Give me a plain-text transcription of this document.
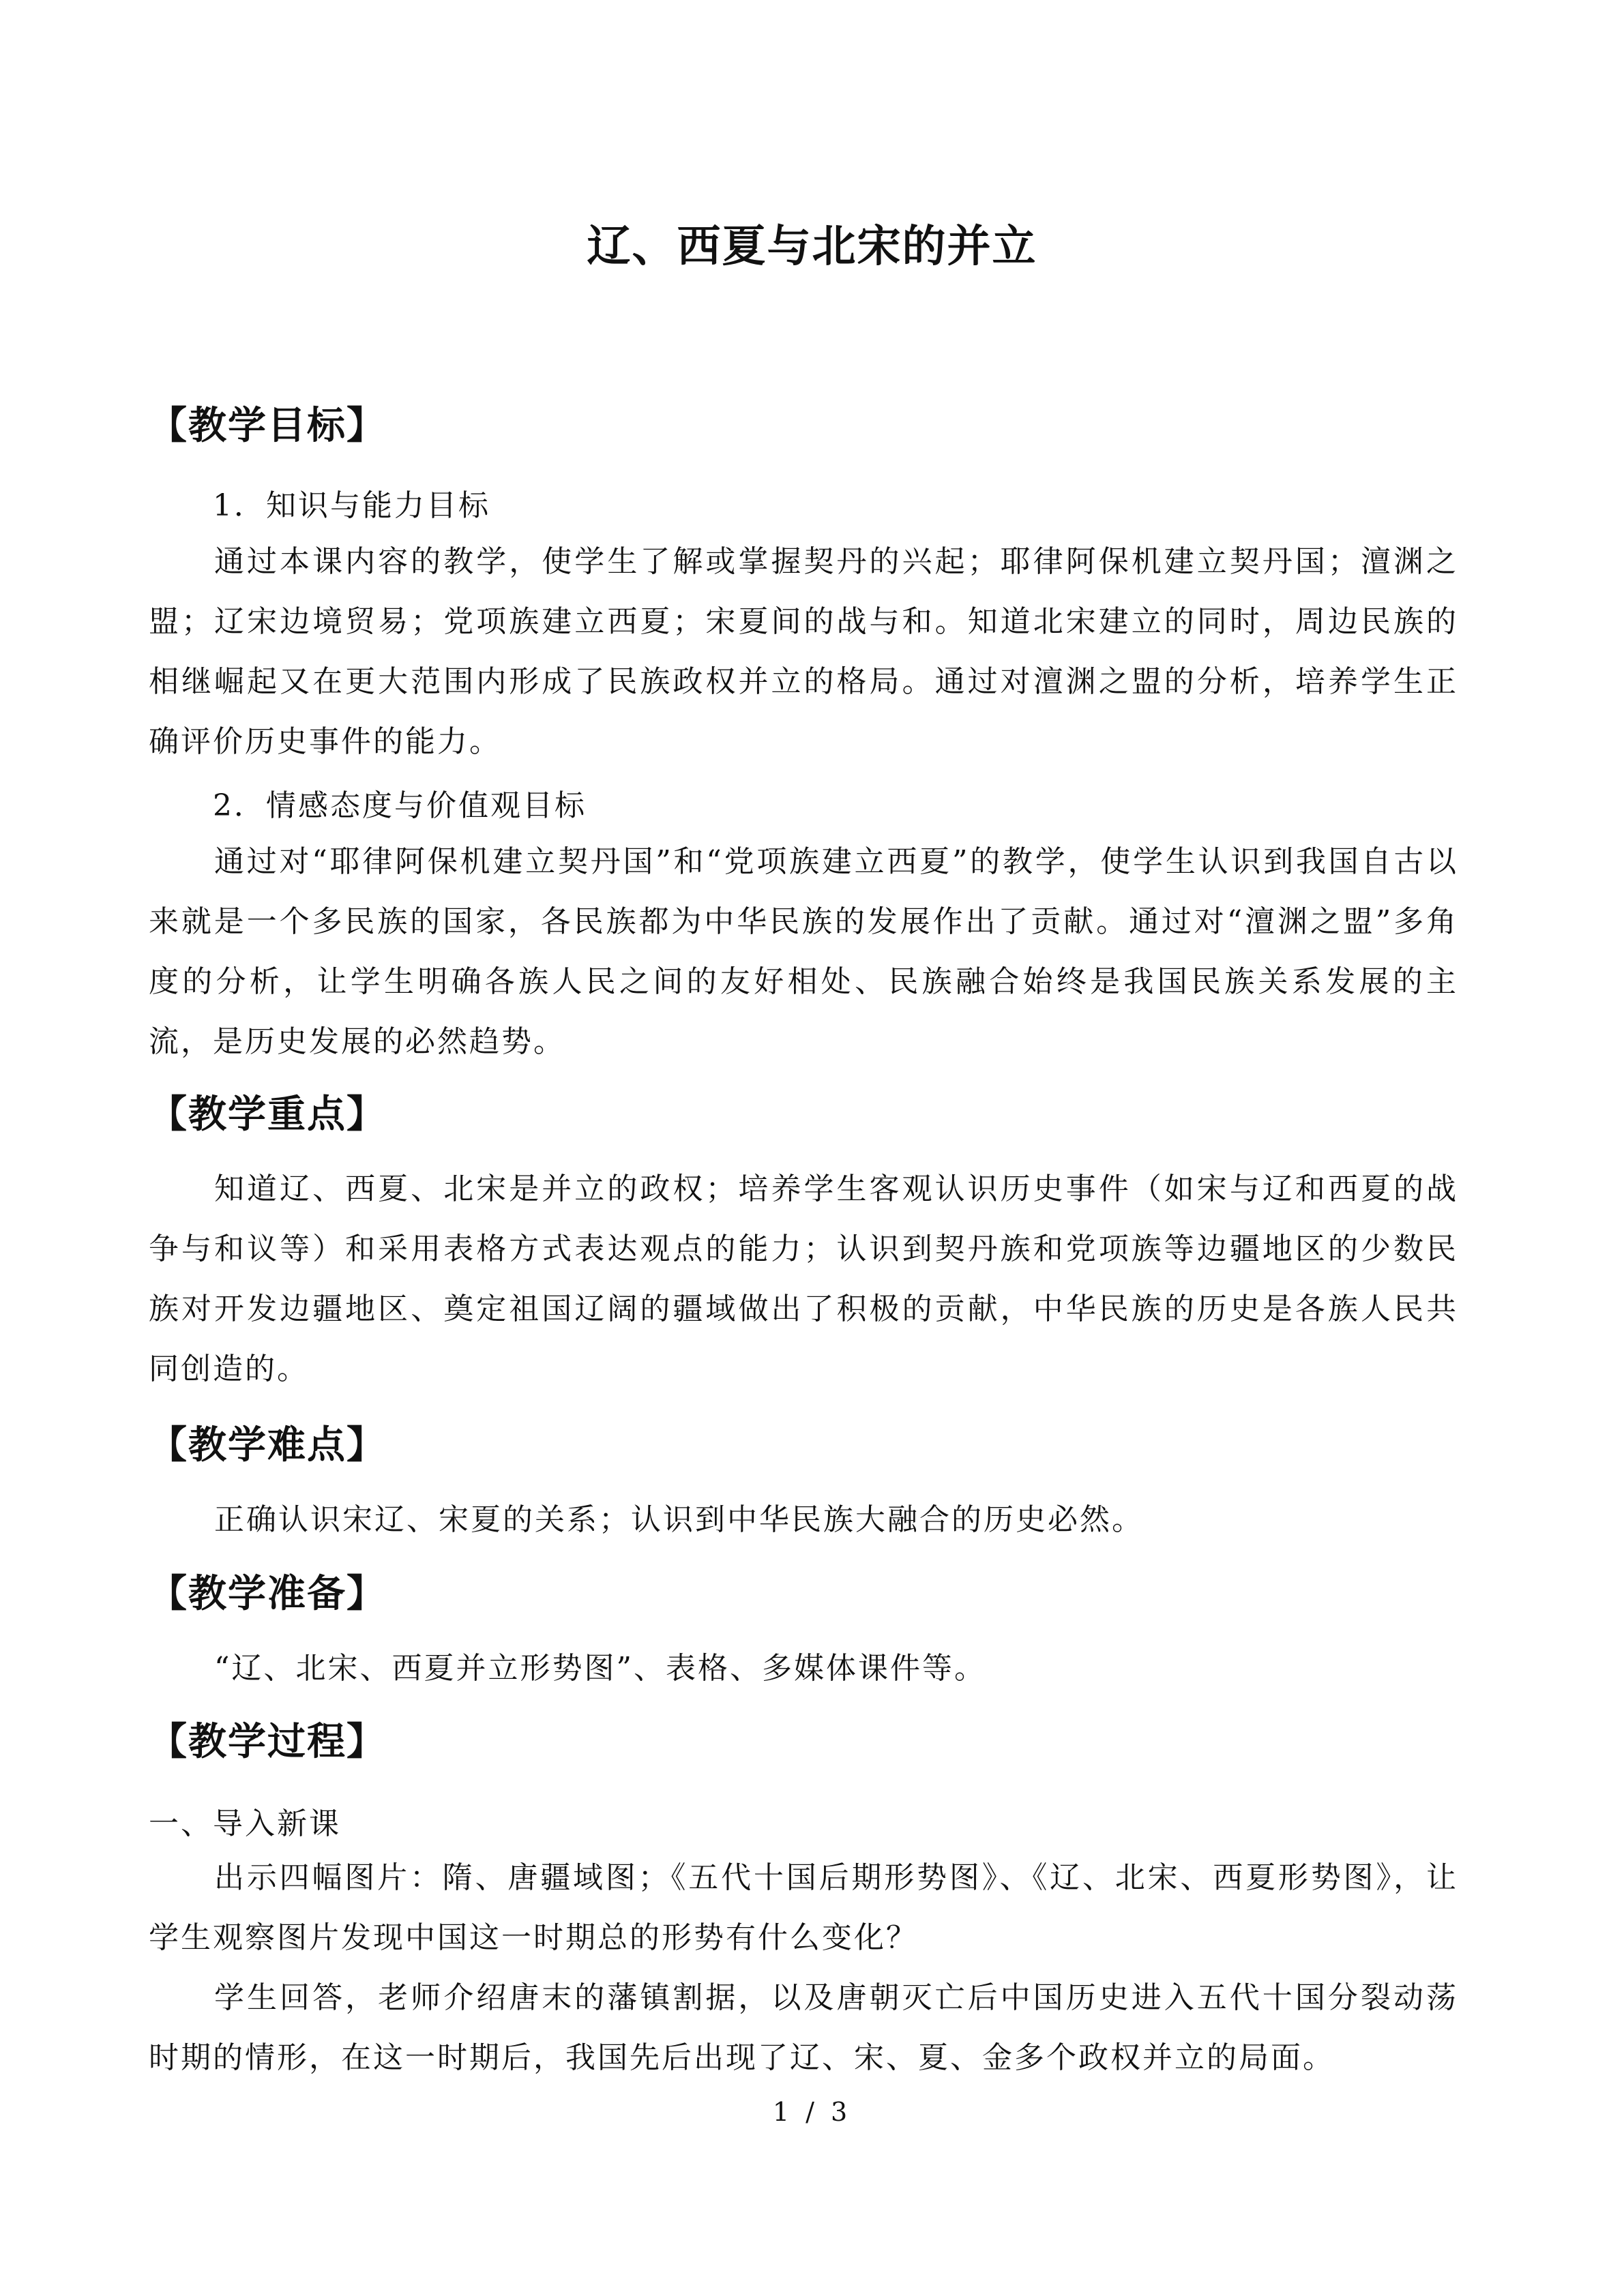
辽、西夏与北宋的并立
【教学目标】
1．知识与能力目标
通过本课内容的教学，使学生了解或掌握契丹的兴起；耶律阿保机建立契丹国；澶渊之盟；辽宋边境贸易；党项族建立西夏；宋夏间的战与和。知道北宋建立的同时，周边民族的相继崛起又在更大范围内形成了民族政权并立的格局。通过对澶渊之盟的分析，培养学生正确评价历史事件的能力。
2．情感态度与价值观目标
通过对“耶律阿保机建立契丹国”和“党项族建立西夏”的教学，使学生认识到我国自古以来就是一个多民族的国家，各民族都为中华民族的发展作出了贡献。通过对“澶渊之盟”多角度的分析，让学生明确各族人民之间的友好相处、民族融合始终是我国民族关系发展的主流，是历史发展的必然趋势。
【教学重点】
知道辽、西夏、北宋是并立的政权；培养学生客观认识历史事件（如宋与辽和西夏的战争与和议等）和采用表格方式表达观点的能力；认识到契丹族和党项族等边疆地区的少数民族对开发边疆地区、奠定祖国辽阔的疆域做出了积极的贡献，中华民族的历史是各族人民共同创造的。
【教学难点】
正确认识宋辽、宋夏的关系；认识到中华民族大融合的历史必然。
【教学准备】
“辽、北宋、西夏并立形势图”、表格、多媒体课件等。
【教学过程】
一、导入新课
出示四幅图片：隋、唐疆域图；《五代十国后期形势图》、《辽、北宋、西夏形势图》，让学生观察图片发现中国这一时期总的形势有什么变化？
学生回答，老师介绍唐末的藩镇割据，以及唐朝灭亡后中国历史进入五代十国分裂动荡时期的情形，在这一时期后，我国先后出现了辽、宋、夏、金多个政权并立的局面。
1 / 3
